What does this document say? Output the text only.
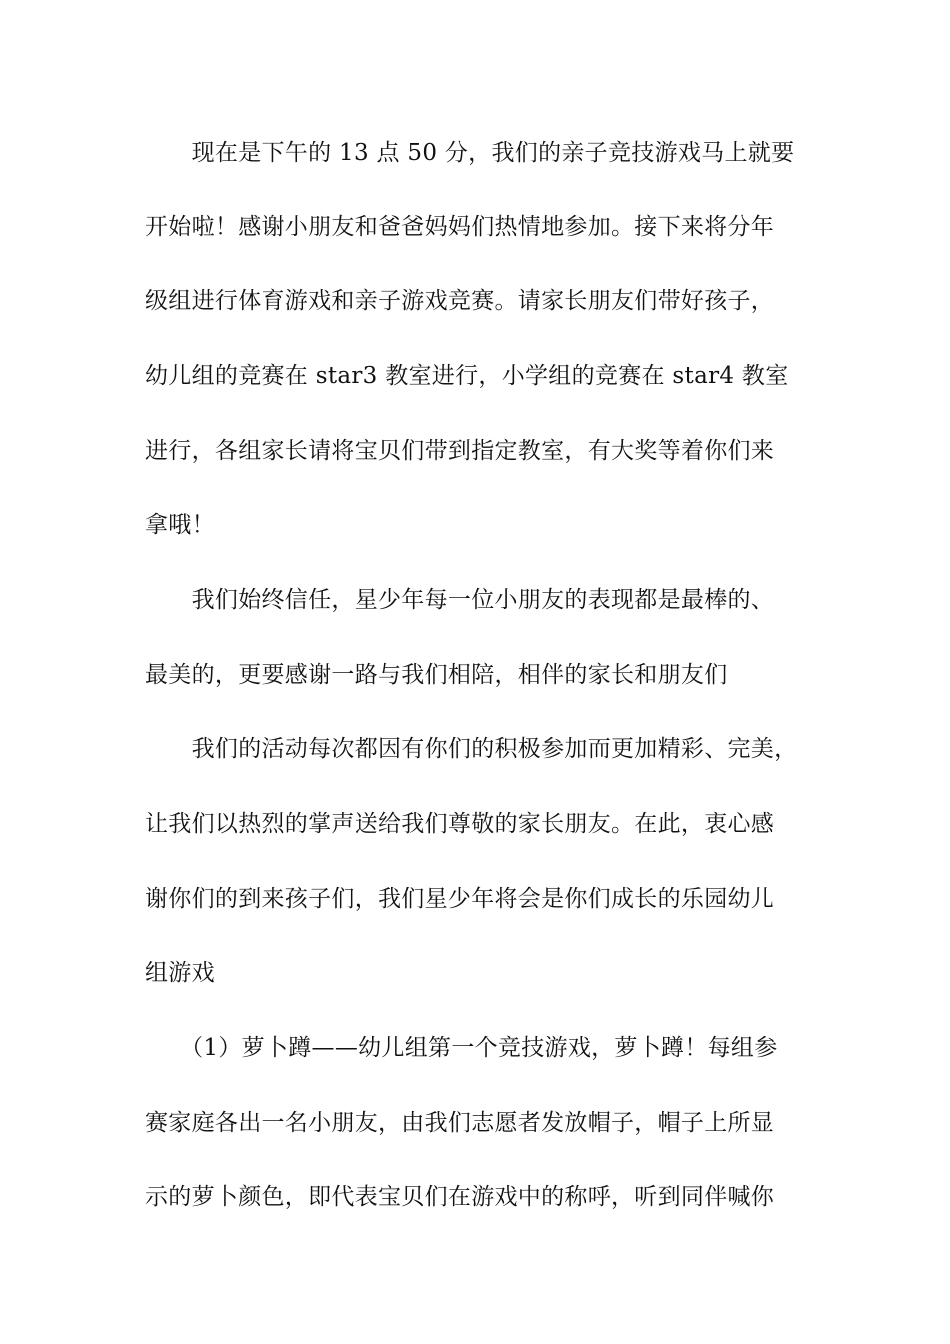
　　现在是下午的 13 点 50 分，我们的亲子竞技游戏马上就要
开始啦！感谢小朋友和爸爸妈妈们热情地参加。接下来将分年
级组进行体育游戏和亲子游戏竞赛。请家长朋友们带好孩子，
幼儿组的竞赛在 star3 教室进行，小学组的竞赛在 star4 教室
进行，各组家长请将宝贝们带到指定教室，有大奖等着你们来
拿哦！
　　我们始终信任，星少年每一位小朋友的表现都是最棒的、
最美的，更要感谢一路与我们相陪，相伴的家长和朋友们
　　我们的活动每次都因有你们的积极参加而更加精彩、完美，
让我们以热烈的掌声送给我们尊敬的家长朋友。在此，衷心感
谢你们的到来孩子们，我们星少年将会是你们成长的乐园幼儿
组游戏
　　（1）萝卜蹲——幼儿组第一个竞技游戏，萝卜蹲！每组参
赛家庭各出一名小朋友，由我们志愿者发放帽子，帽子上所显
示的萝卜颜色，即代表宝贝们在游戏中的称呼，听到同伴喊你
